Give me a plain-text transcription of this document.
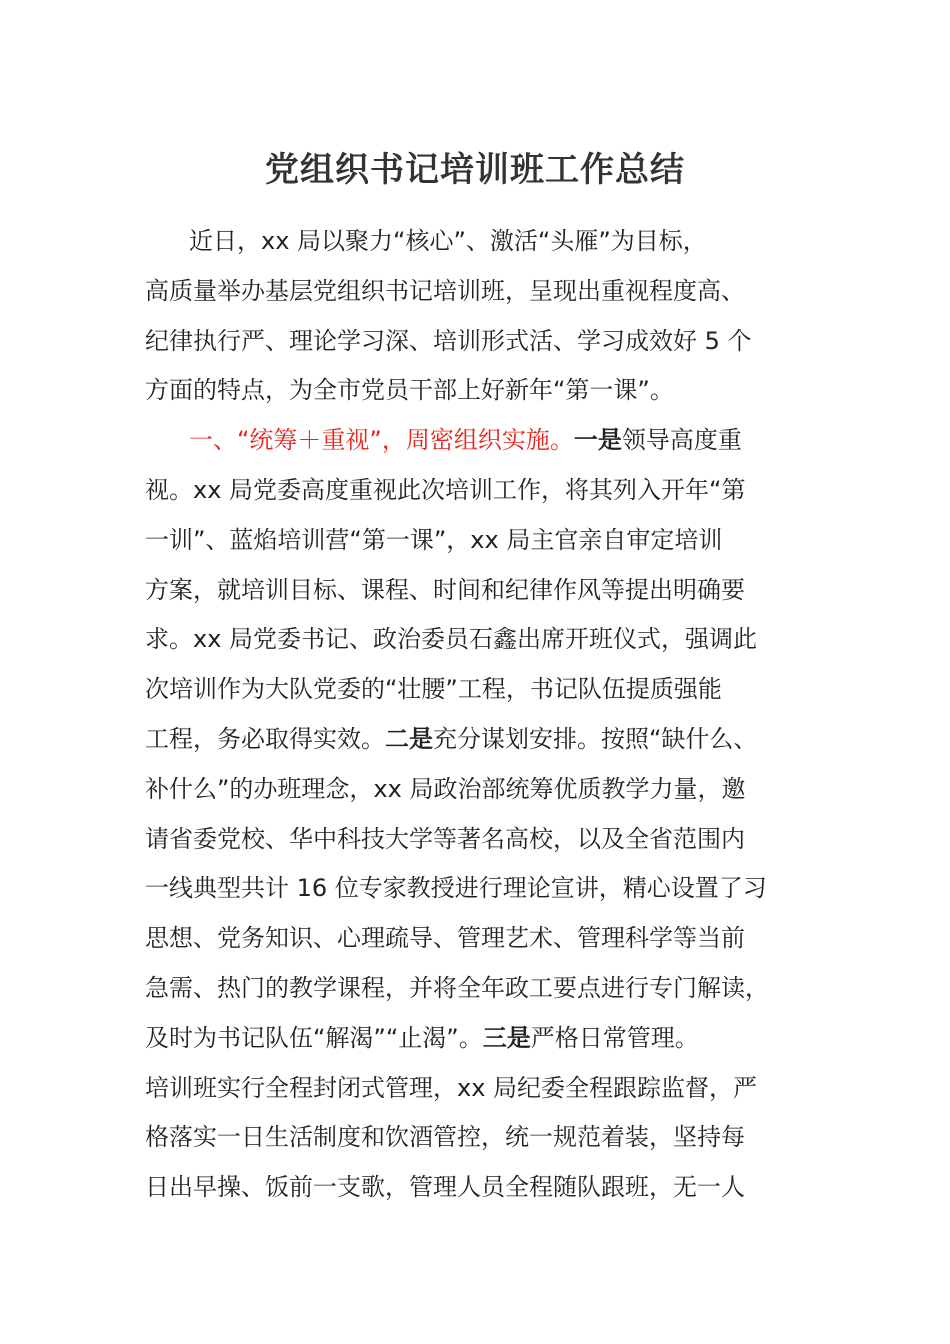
党组织书记培训班工作总结
近日，xx 局以聚力“核心”、激活“头雁”为目标，
高质量举办基层党组织书记培训班，呈现出重视程度高、
纪律执行严、理论学习深、培训形式活、学习成效好 5 个
方面的特点，为全市党员干部上好新年“第一课”。
一、“统筹＋重视”，周密组织实施。一是领导高度重
视。xx 局党委高度重视此次培训工作，将其列入开年“第
一训”、蓝焰培训营“第一课”，xx 局主官亲自审定培训
方案，就培训目标、课程、时间和纪律作风等提出明确要
求。xx 局党委书记、政治委员石鑫出席开班仪式，强调此
次培训作为大队党委的“壮腰”工程，书记队伍提质强能
工程，务必取得实效。二是充分谋划安排。按照“缺什么、
补什么”的办班理念，xx 局政治部统筹优质教学力量，邀
请省委党校、华中科技大学等著名高校，以及全省范围内
一线典型共计 16 位专家教授进行理论宣讲，精心设置了习
思想、党务知识、心理疏导、管理艺术、管理科学等当前
急需、热门的教学课程，并将全年政工要点进行专门解读，
及时为书记队伍“解渴”“止渴”。三是严格日常管理。
培训班实行全程封闭式管理，xx 局纪委全程跟踪监督，严
格落实一日生活制度和饮酒管控，统一规范着装，坚持每
日出早操、饭前一支歌，管理人员全程随队跟班，无一人
